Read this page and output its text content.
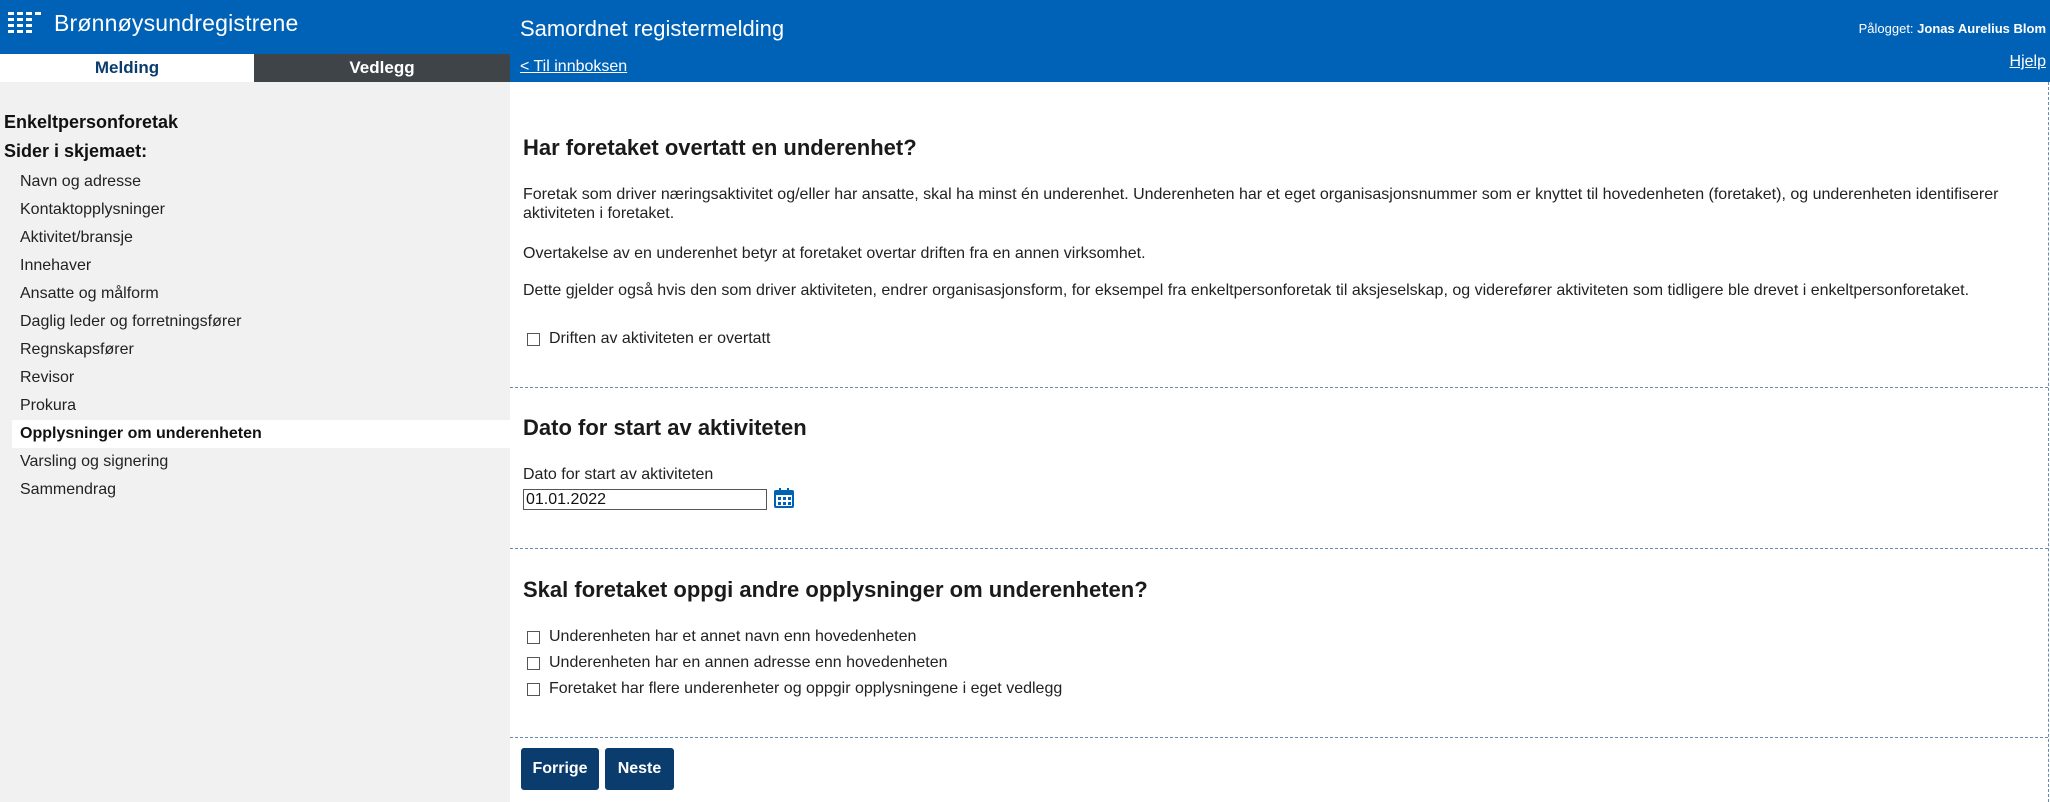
Brønnøysundregistrene	Samordnet registermelding	Pålogget: Jonas Aurelius Blom
Melding	Vedlegg	< Til innboksen	Hjelp
Enkeltpersonforetak
Sider i skjemaet:
Navn og adresse
Kontaktopplysninger
Aktivitet/bransje
Innehaver
Ansatte og målform
Daglig leder og forretningsfører
Regnskapsfører
Revisor
Prokura
Opplysninger om underenheten
Varsling og signering
Sammendrag
Har foretaket overtatt en underenhet?

Foretak som driver næringsaktivitet og/eller har ansatte, skal ha minst én underenhet. Underenheten har et eget organisasjonsnummer som er knyttet til hovedenheten (foretaket), og underenheten identifiserer aktiviteten i foretaket.

Overtakelse av en underenhet betyr at foretaket overtar driften fra en annen virksomhet.

Dette gjelder også hvis den som driver aktiviteten, endrer organisasjonsform, for eksempel fra enkeltpersonforetak til aksjeselskap, og viderefører aktiviteten som tidligere ble drevet i enkeltpersonforetaket.

Driften av aktiviteten er overtatt
Dato for start av aktiviteten
Dato for start av aktiviteten
01.01.2022
Skal foretaket oppgi andre opplysninger om underenheten?
Underenheten har et annet navn enn hovedenheten
Underenheten har en annen adresse enn hovedenheten
Foretaket har flere underenheter og oppgir opplysningene i eget vedlegg
Forrige	Neste
